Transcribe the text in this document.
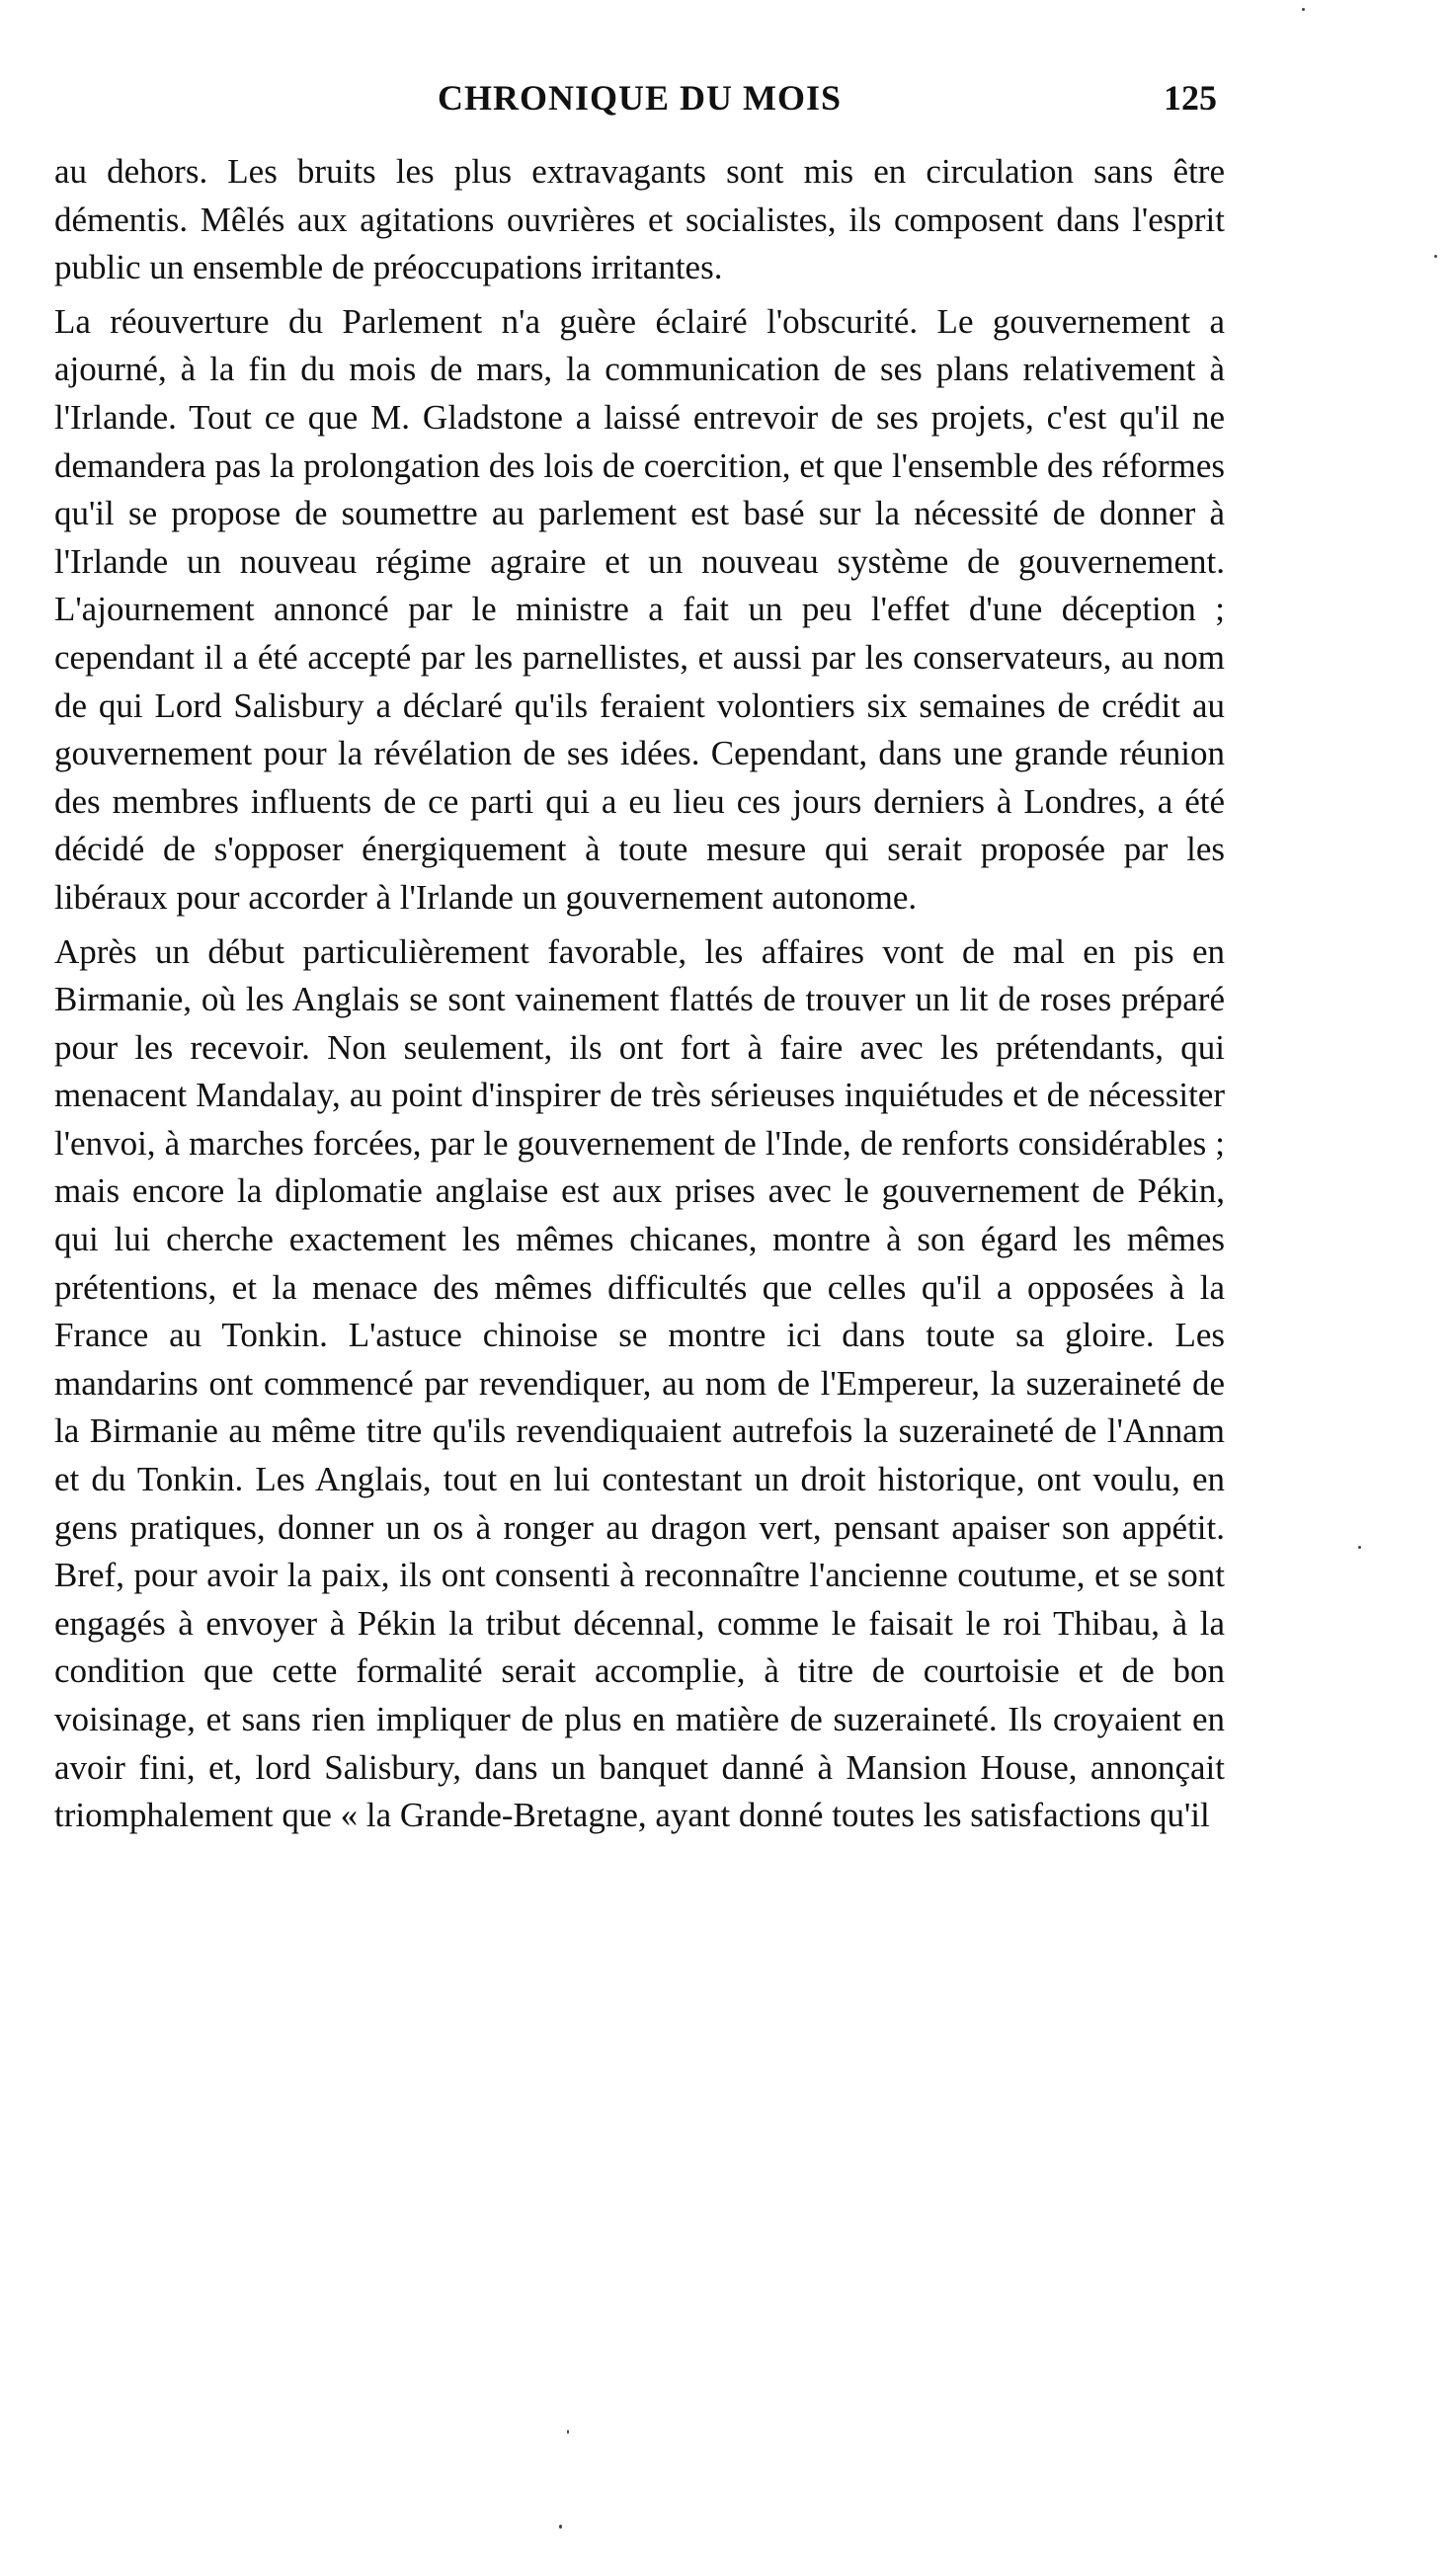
CHRONIQUE DU MOIS	125

au dehors. Les bruits les plus extravagants sont mis en circulation sans être démentis. Mêlés aux agitations ouvrières et socialistes, ils composent dans l'esprit public un ensemble de préoccupations irritantes.

La réouverture du Parlement n'a guère éclairé l'obscurité. Le gouvernement a ajourné, à la fin du mois de mars, la communication de ses plans relativement à l'Irlande. Tout ce que M. Gladstone a laissé entrevoir de ses projets, c'est qu'il ne demandera pas la prolongation des lois de coercition, et que l'ensemble des réformes qu'il se propose de soumettre au parlement est basé sur la nécessité de donner à l'Irlande un nouveau régime agraire et un nouveau système de gouvernement. L'ajournement annoncé par le ministre a fait un peu l'effet d'une déception ; cependant il a été accepté par les parnellistes, et aussi par les conservateurs, au nom de qui Lord Salisbury a déclaré qu'ils feraient volontiers six semaines de crédit au gouvernement pour la révélation de ses idées. Cependant, dans une grande réunion des membres influents de ce parti qui a eu lieu ces jours derniers à Londres, a été décidé de s'opposer énergiquement à toute mesure qui serait proposée par les libéraux pour accorder à l'Irlande un gouvernement autonome.

Après un début particulièrement favorable, les affaires vont de mal en pis en Birmanie, où les Anglais se sont vainement flattés de trouver un lit de roses préparé pour les recevoir. Non seulement, ils ont fort à faire avec les prétendants, qui menacent Mandalay, au point d'inspirer de très sérieuses inquiétudes et de nécessiter l'envoi, à marches forcées, par le gouvernement de l'Inde, de renforts considérables ; mais encore la diplomatie anglaise est aux prises avec le gouvernement de Pékin, qui lui cherche exactement les mêmes chicanes, montre à son égard les mêmes prétentions, et la menace des mêmes difficultés que celles qu'il a opposées à la France au Tonkin. L'astuce chinoise se montre ici dans toute sa gloire. Les mandarins ont commencé par revendiquer, au nom de l'Empereur, la suzeraineté de la Birmanie au même titre qu'ils revendiquaient autrefois la suzeraineté de l'Annam et du Tonkin. Les Anglais, tout en lui contestant un droit historique, ont voulu, en gens pratiques, donner un os à ronger au dragon vert, pensant apaiser son appétit. Bref, pour avoir la paix, ils ont consenti à reconnaître l'ancienne coutume, et se sont engagés à envoyer à Pékin la tribut décennal, comme le faisait le roi Thibau, à la condition que cette formalité serait accomplie, à titre de courtoisie et de bon voisinage, et sans rien impliquer de plus en matière de suzeraineté. Ils croyaient en avoir fini, et, lord Salisbury, dans un banquet danné à Mansion House, annonçait triomphalement que « la Grande-Bretagne, ayant donné toutes les satisfactions qu'il
